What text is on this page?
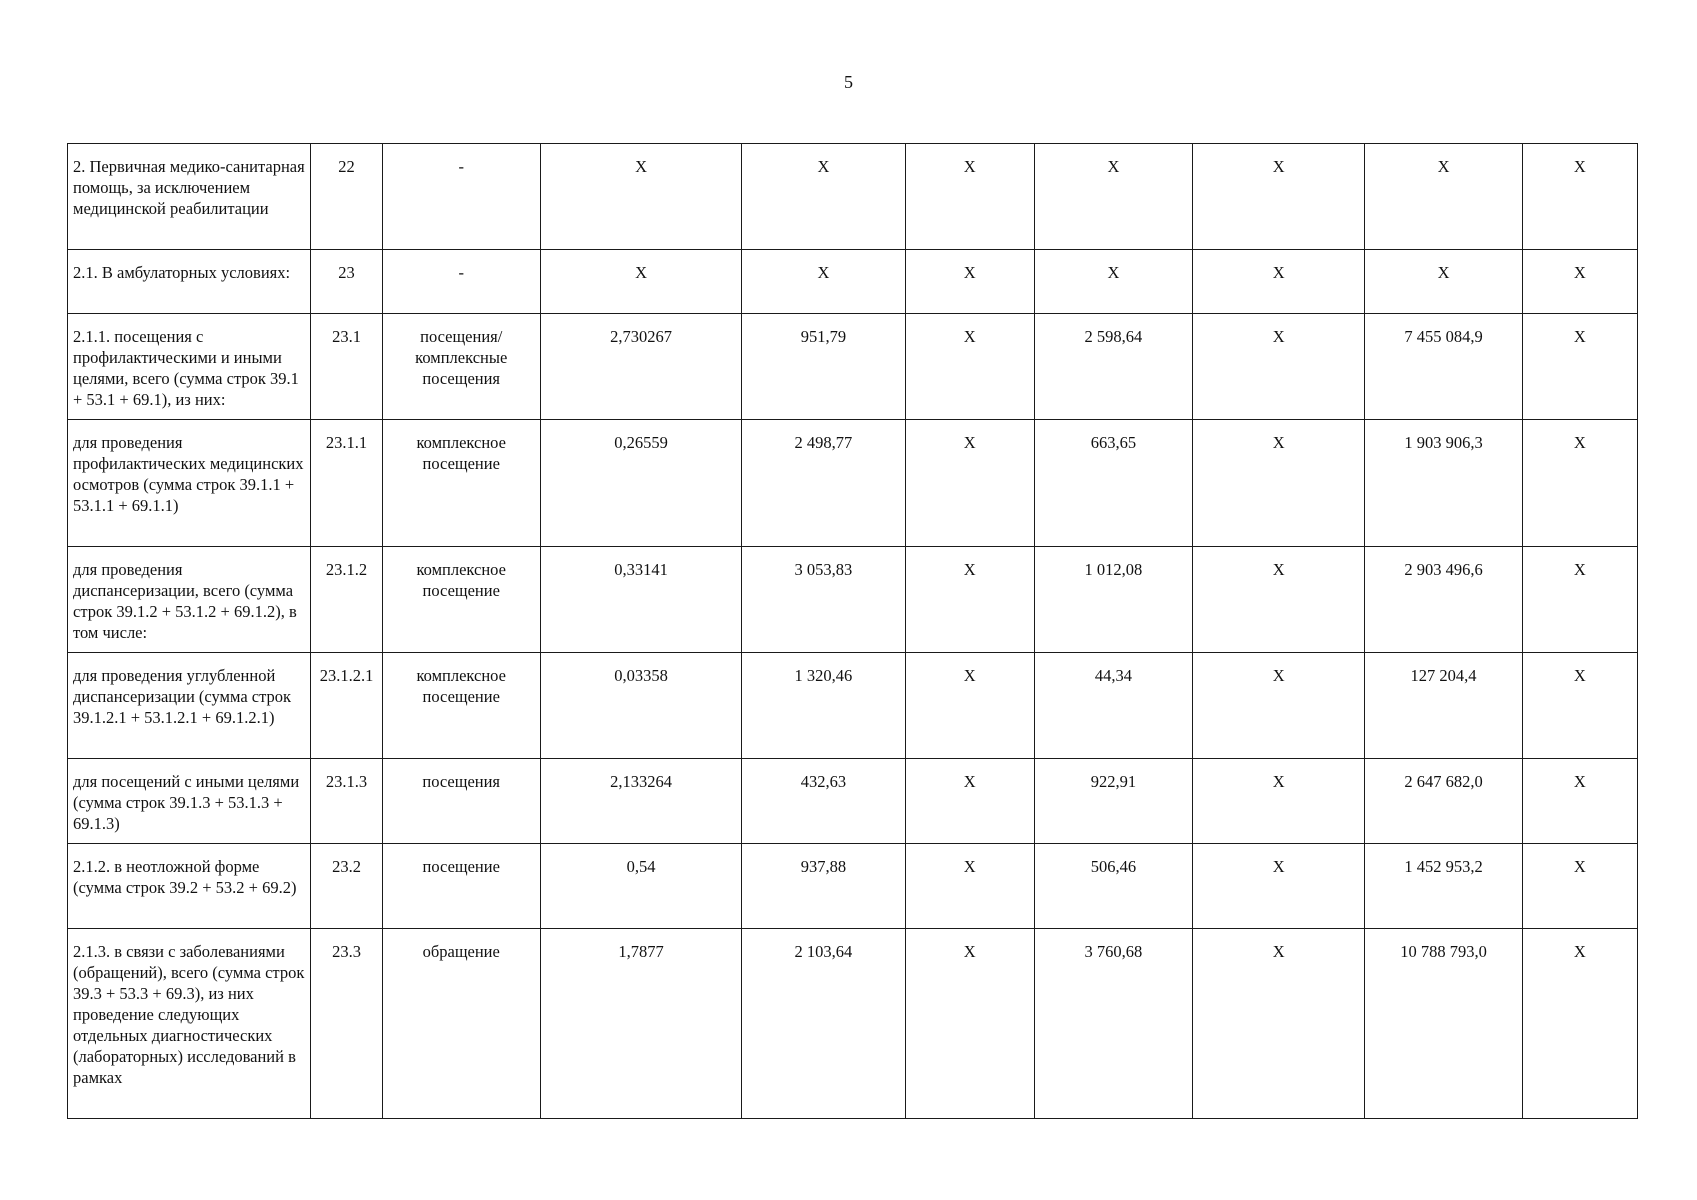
5
2. Первичная медико-санитарная помощь, за исключением медицинской реабилитации	22	-	X	X	X	X	X	X	X
2.1. В амбулаторных условиях:	23	-	X	X	X	X	X	X	X
2.1.1. посещения с профилактическими и иными целями, всего (сумма строк 39.1 + 53.1 + 69.1), из них:	23.1	посещения/комплексные посещения	2,730267	951,79	X	2 598,64	X	7 455 084,9	X
для проведения профилактических медицинских осмотров (сумма строк 39.1.1 + 53.1.1 + 69.1.1)	23.1.1	комплексное посещение	0,26559	2 498,77	X	663,65	X	1 903 906,3	X
для проведения диспансеризации, всего (сумма строк 39.1.2 + 53.1.2 + 69.1.2), в том числе:	23.1.2	комплексное посещение	0,33141	3 053,83	X	1 012,08	X	2 903 496,6	X
для проведения углубленной диспансеризации (сумма строк 39.1.2.1 + 53.1.2.1 + 69.1.2.1)	23.1.2.1	комплексное посещение	0,03358	1 320,46	X	44,34	X	127 204,4	X
для посещений с иными целями (сумма строк 39.1.3 + 53.1.3 + 69.1.3)	23.1.3	посещения	2,133264	432,63	X	922,91	X	2 647 682,0	X
2.1.2. в неотложной форме (сумма строк 39.2 + 53.2 + 69.2)	23.2	посещение	0,54	937,88	X	506,46	X	1 452 953,2	X
2.1.3. в связи с заболеваниями (обращений), всего (сумма строк 39.3 + 53.3 + 69.3), из них проведение следующих отдельных диагностических (лабораторных) исследований в рамках	23.3	обращение	1,7877	2 103,64	X	3 760,68	X	10 788 793,0	X
